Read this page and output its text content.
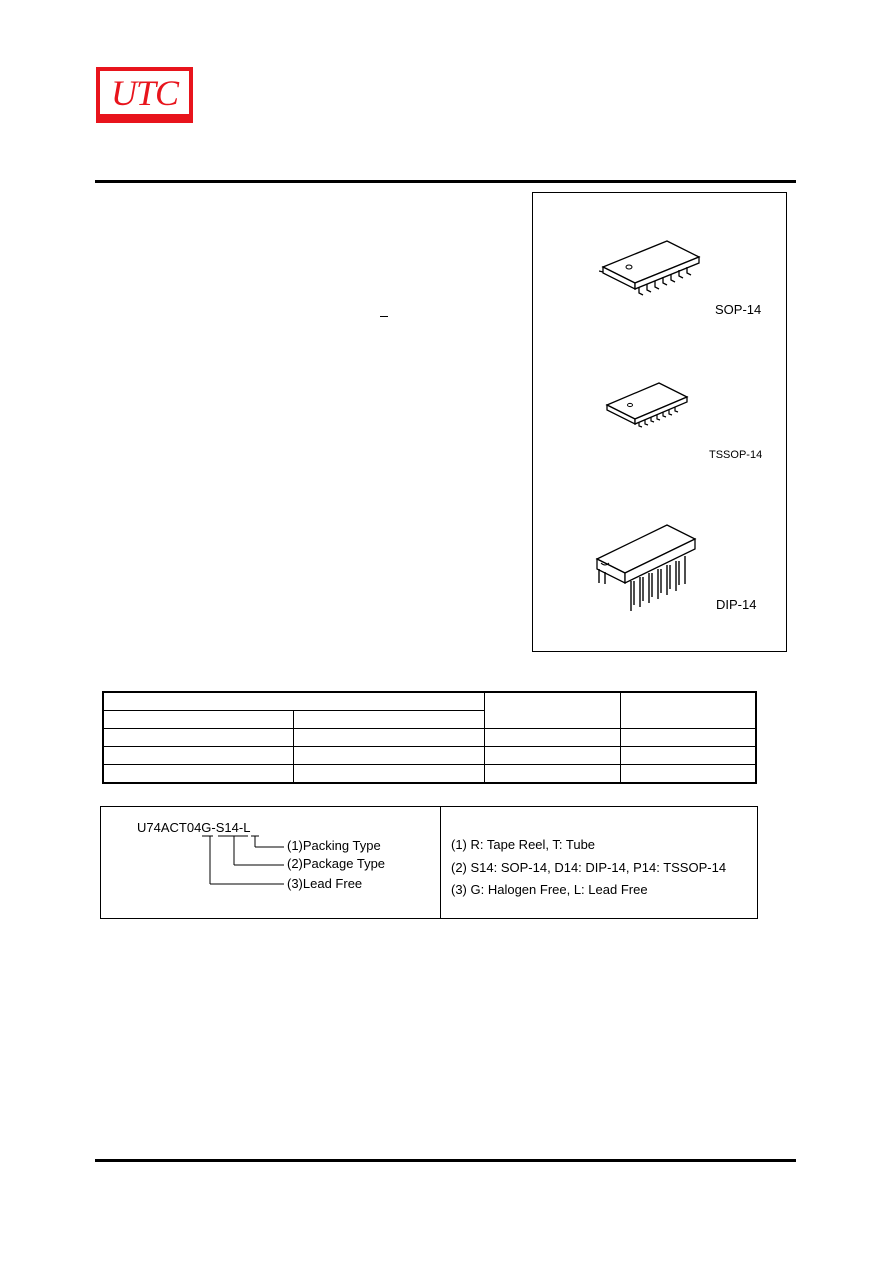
UTC
SOP-14
TSSOP-14
DIP-14

U74ACT04G-S14-L
(1)Packing Type
(2)Package Type
(3)Lead Free
(1) R: Tape Reel, T: Tube
(2) S14: SOP-14, D14: DIP-14, P14: TSSOP-14
(3) G: Halogen Free, L: Lead Free
